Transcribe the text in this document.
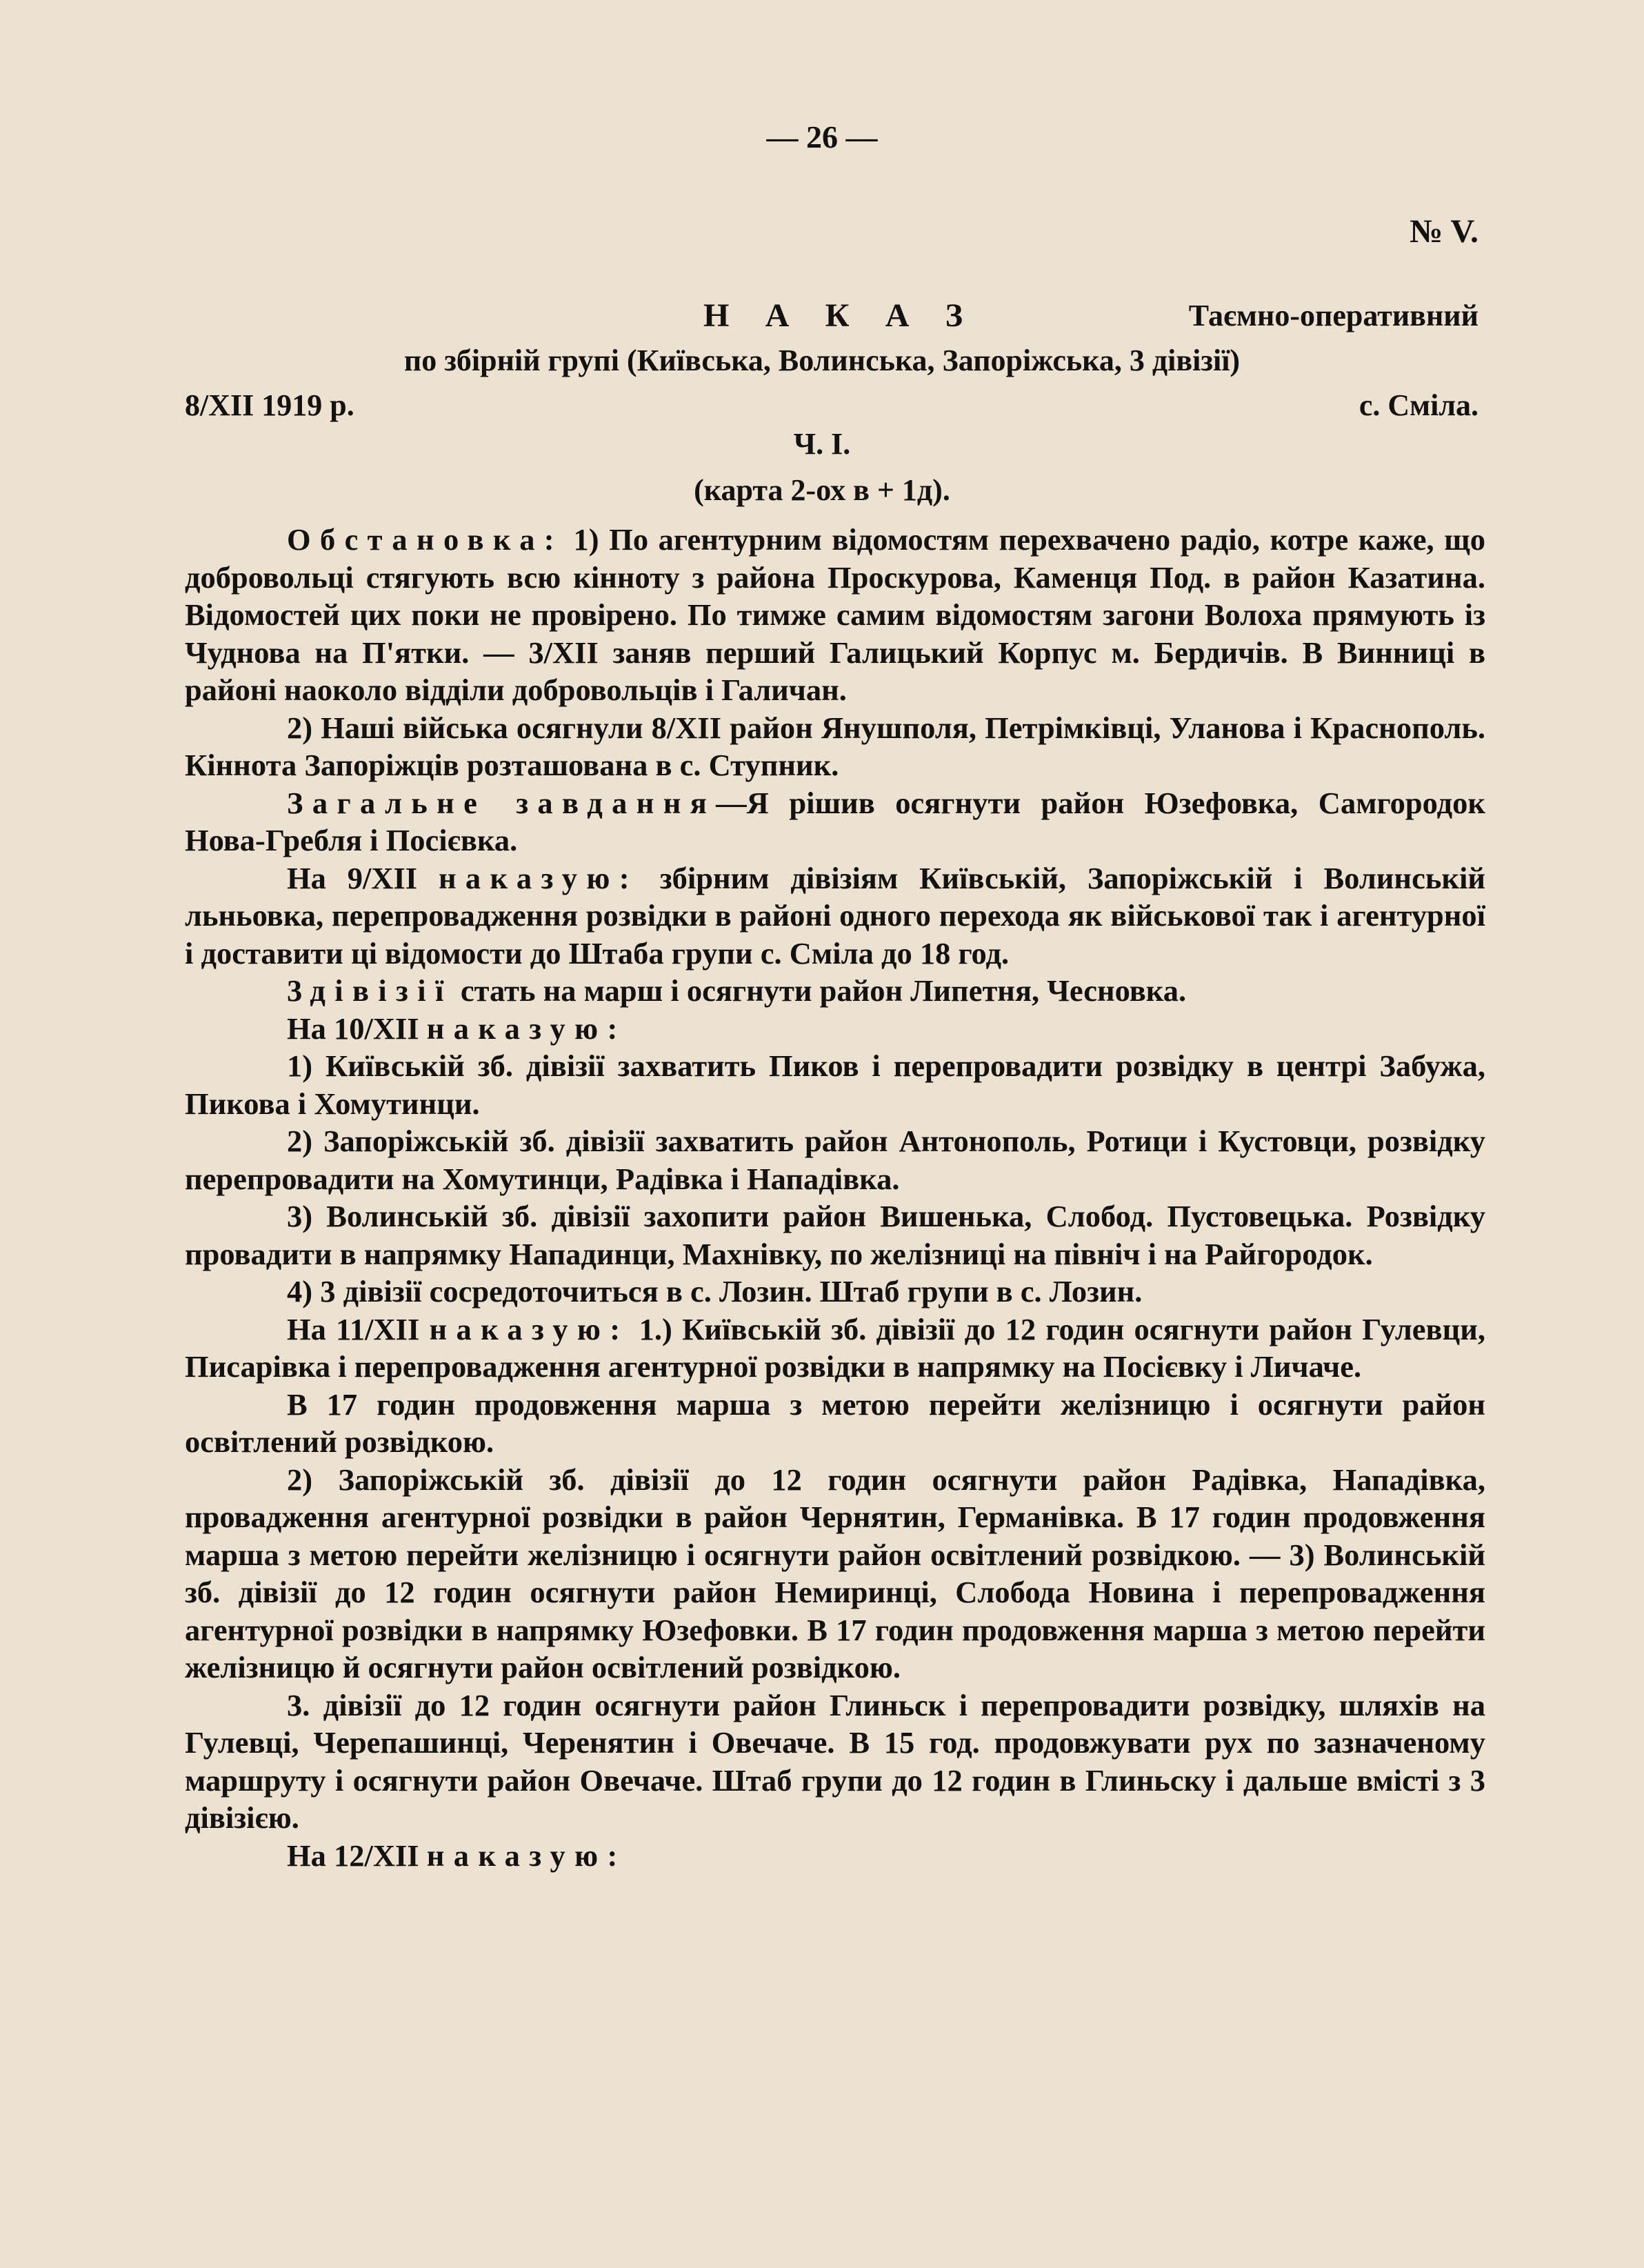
— 26 —
№ V.
Н А К А З	Таємно-оперативний
по збірній групі (Київська, Волинська, Запоріжська, 3 дівізії)
8/XII 1919 р.	с. Сміла.
Ч. І.
(карта 2-ох в + 1д).

Обстановка: 1) По агентурним відомостям перехвачено радіо, котре каже, що добровольці стягують всю кінноту з района Проскурова, Каменця Под. в район Казатина. Відомостей цих поки не провірено. По тимже самим відомостям загони Волоха прямують із Чуднова на П'ятки. — 3/XII заняв перший Галицький Корпус м. Бердичів. В Винниці в районі наоколо відділи добровольців і Галичан.

2) Наші війська осягнули 8/XII район Янушполя, Петрімківці, Уланова і Краснополь. Кіннота Запоріжців розташована в с. Ступник.

Загальне завдання—Я рішив осягнути район Юзефовка, Самгородок Нова-Гребля і Посієвка.

На 9/XII наказую: збірним дівізіям Київській, Запоріжській і Волинській льньовка, перепровадження розвідки в районі одного перехода як військової так і агентурної і доставити ці відомости до Штаба групи с. Сміла до 18 год.

3 дівізії стать на марш і осягнути район Липетня, Чесновка.

На 10/XII наказую:

1) Київській зб. дівізії захватить Пиков і перепровадити розвідку в центрі Забужа, Пикова і Хомутинци.

2) Запоріжській зб. дівізії захватить район Антонополь, Ротици і Кустовци, розвідку перепровадити на Хомутинци, Радівка і Нападівка.

3) Волинській зб. дівізії захопити район Вишенька, Слобод. Пустовецька. Розвідку провадити в напрямку Нападинци, Махнівку, по желізниці на північ і на Райгородок.

4) 3 дівізії сосредоточиться в с. Лозин. Штаб групи в с. Лозин.

На 11/XII наказую: 1.) Київській зб. дівізії до 12 годин осягнути район Гулевци, Писарівка і перепровадження агентурної розвідки в напрямку на Посієвку і Личаче.

В 17 годин продовження марша з метою перейти желізницю і осягнути район освітлений розвідкою.

2) Запоріжській зб. дівізії до 12 годин осягнути район Радівка, Нападівка, провадження агентурної розвідки в район Чернятин, Германівка. В 17 годин продовження марша з метою перейти желізницю і осягнути район освітлений розвідкою. — 3) Волинській зб. дівізії до 12 годин осягнути район Немиринці, Слобода Новина і перепровадження агентурної розвідки в напрямку Юзефовки. В 17 годин продовження марша з метою перейти желізницю й осягнути район освітлений розвідкою.

3. дівізії до 12 годин осягнути район Глиньск і перепровадити розвідку, шляхів на Гулевці, Черепашинці, Черенятин і Овечаче. В 15 год. продовжувати рух по зазначеному маршруту і осягнути район Овечаче. Штаб групи до 12 годин в Глиньску і дальше вмісті з 3 дівізією.

На 12/XII наказую:
